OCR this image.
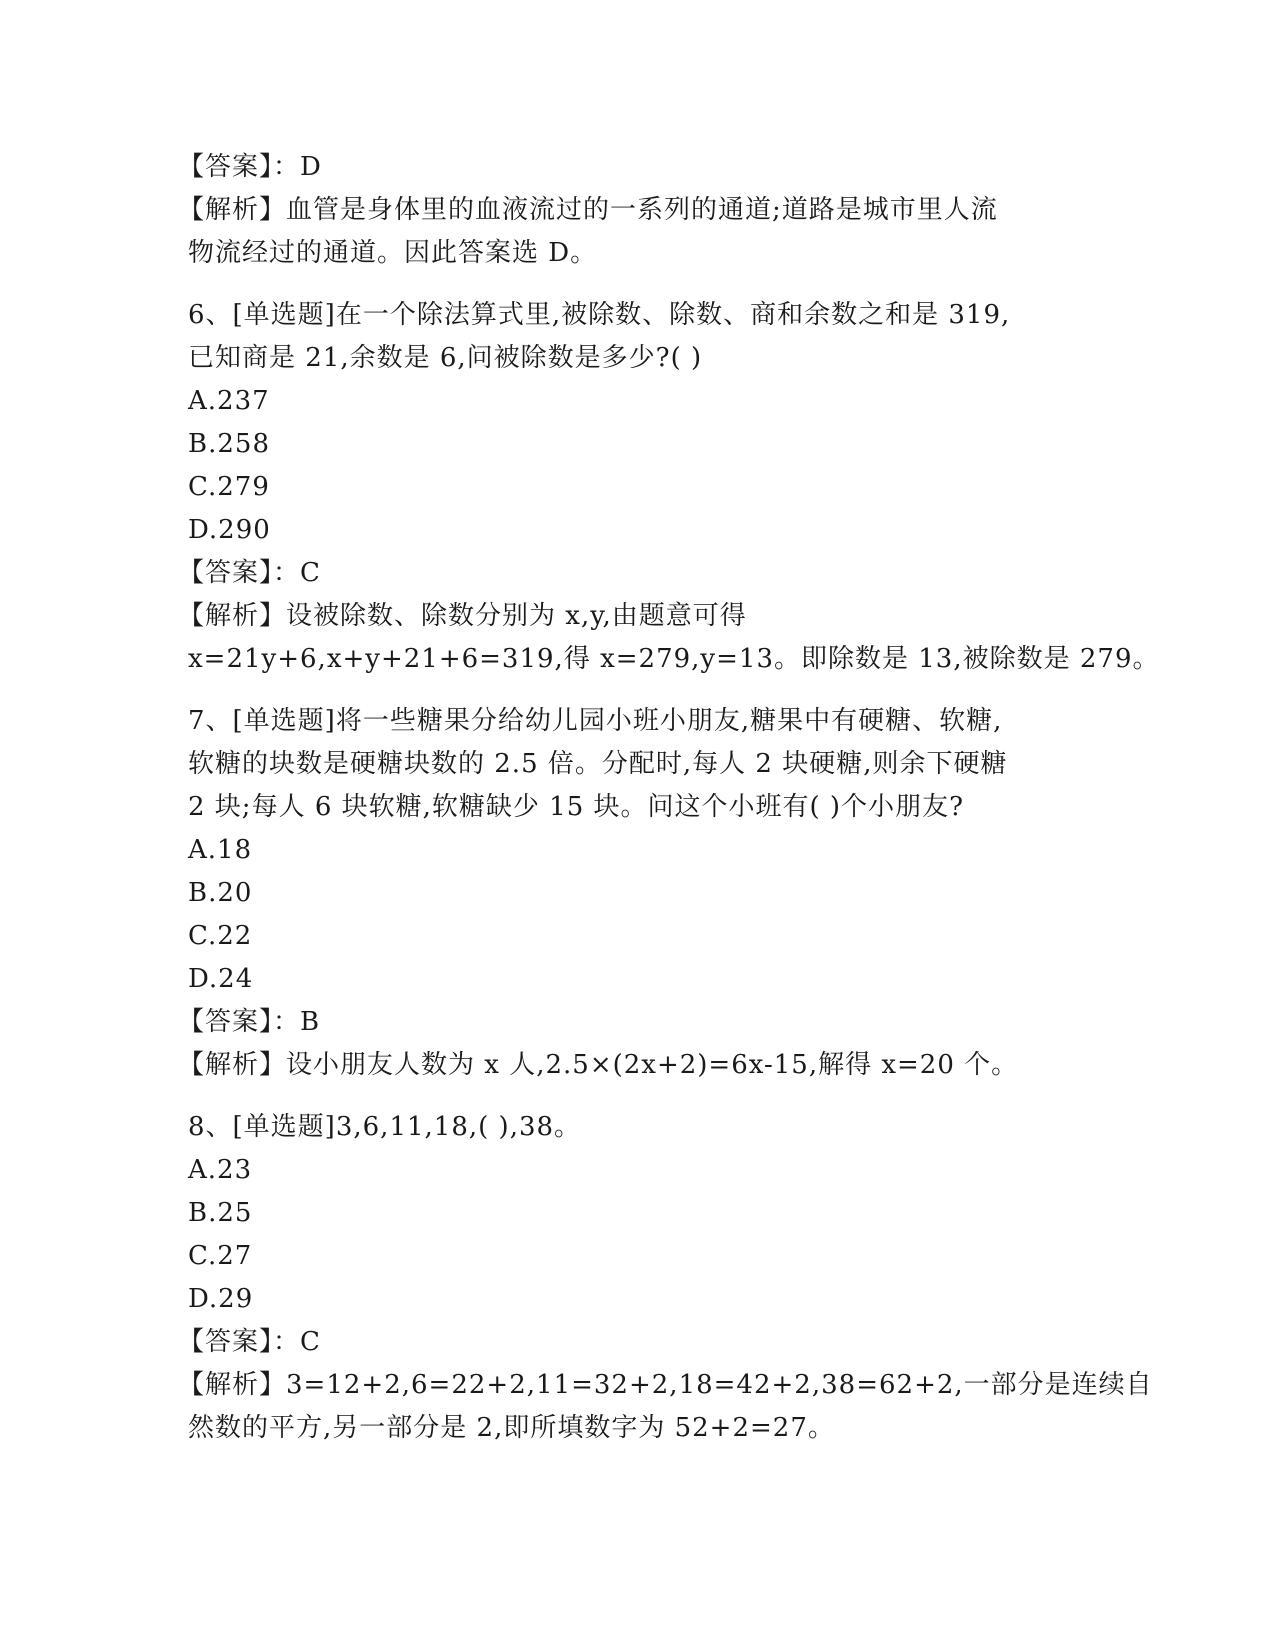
【答案】：D
【解析】血管是身体里的血液流过的一系列的通道;道路是城市里人流
物流经过的通道。因此答案选 D。
6、[单选题]在一个除法算式里,被除数、除数、商和余数之和是 319,
已知商是 21,余数是 6,问被除数是多少?( )
A.237
B.258
C.279
D.290
【答案】：C
【解析】设被除数、除数分别为 x,y,由题意可得
x=21y+6,x+y+21+6=319,得 x=279,y=13。即除数是 13,被除数是 279。
7、[单选题]将一些糖果分给幼儿园小班小朋友,糖果中有硬糖、软糖,
软糖的块数是硬糖块数的 2.5 倍。分配时,每人 2 块硬糖,则余下硬糖
2 块;每人 6 块软糖,软糖缺少 15 块。问这个小班有( )个小朋友?
A.18
B.20
C.22
D.24
【答案】：B
【解析】设小朋友人数为 x 人,2.5×(2x+2)=6x-15,解得 x=20 个。
8、[单选题]3,6,11,18,( ),38。
A.23
B.25
C.27
D.29
【答案】：C
【解析】3=12+2,6=22+2,11=32+2,18=42+2,38=62+2,一部分是连续自
然数的平方,另一部分是 2,即所填数字为 52+2=27。
